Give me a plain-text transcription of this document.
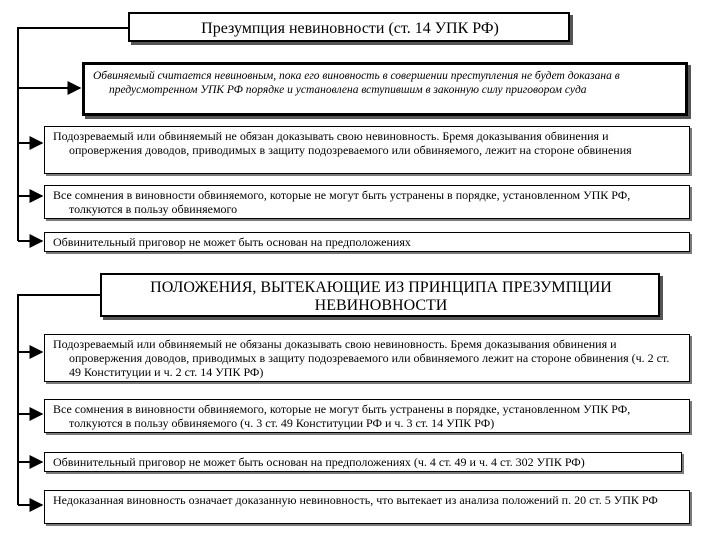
Презумпция невиновности (ст. 14 УПК РФ)
Обвиняемый считается невиновным, пока его виновность в совершении преступления не будет доказана в предусмотренном УПК РФ порядке и установлена вступившим в законную силу приговором суда
Подозреваемый или обвиняемый не обязан доказывать свою невиновность. Бремя доказывания обвинения и опровержения доводов, приводимых в защиту подозреваемого или обвиняемого, лежит на стороне обвинения
Все сомнения в виновности обвиняемого, которые не могут быть устранены в порядке, установленном УПК РФ, толкуются в пользу обвиняемого
Обвинительный приговор не может быть основан на предположениях
ПОЛОЖЕНИЯ, ВЫТЕКАЮЩИЕ ИЗ ПРИНЦИПА ПРЕЗУМПЦИИ НЕВИНОВНОСТИ
Подозреваемый или обвиняемый не обязаны доказывать свою невиновность. Бремя доказывания обвинения и опровержения доводов, приводимых в защиту подозреваемого или обвиняемого лежит на стороне обвинения (ч. 2 ст. 49 Конституции и ч. 2 ст. 14 УПК РФ)
Все сомнения в виновности обвиняемого, которые не могут быть устранены в порядке, установленном УПК РФ, толкуются в пользу обвиняемого (ч. 3 ст. 49 Конституции РФ и ч. 3 ст. 14 УПК РФ)
Обвинительный приговор не может быть основан на предположениях (ч. 4 ст. 49 и ч. 4 ст. 302 УПК РФ)
Недоказанная виновность означает доказанную невиновность, что вытекает из анализа положений п. 20 ст. 5 УПК РФ
